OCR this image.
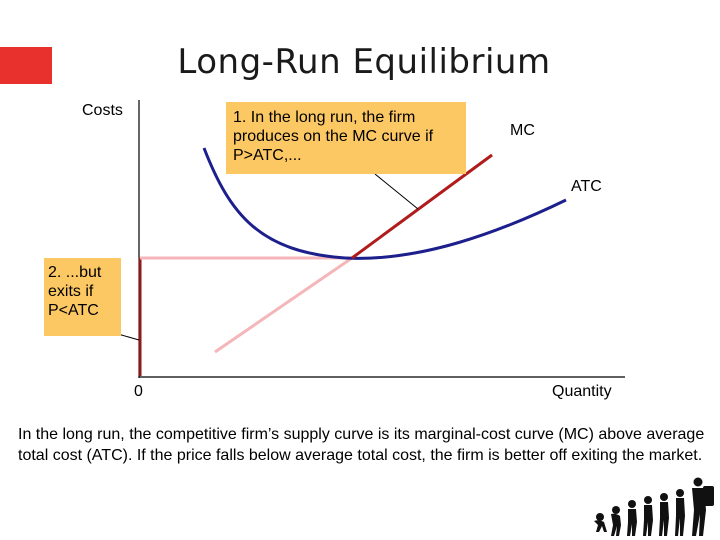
Long-Run Equilibrium
Costs
0	Quantity
MC
ATC
1. In the long run, the firm produces on the MC curve if P>ATC,...
2. ...but exits if P<ATC
In the long run, the competitive firm’s supply curve is its marginal-cost curve (MC) above average total cost (ATC). If the price falls below average total cost, the firm is better off exiting the market.
